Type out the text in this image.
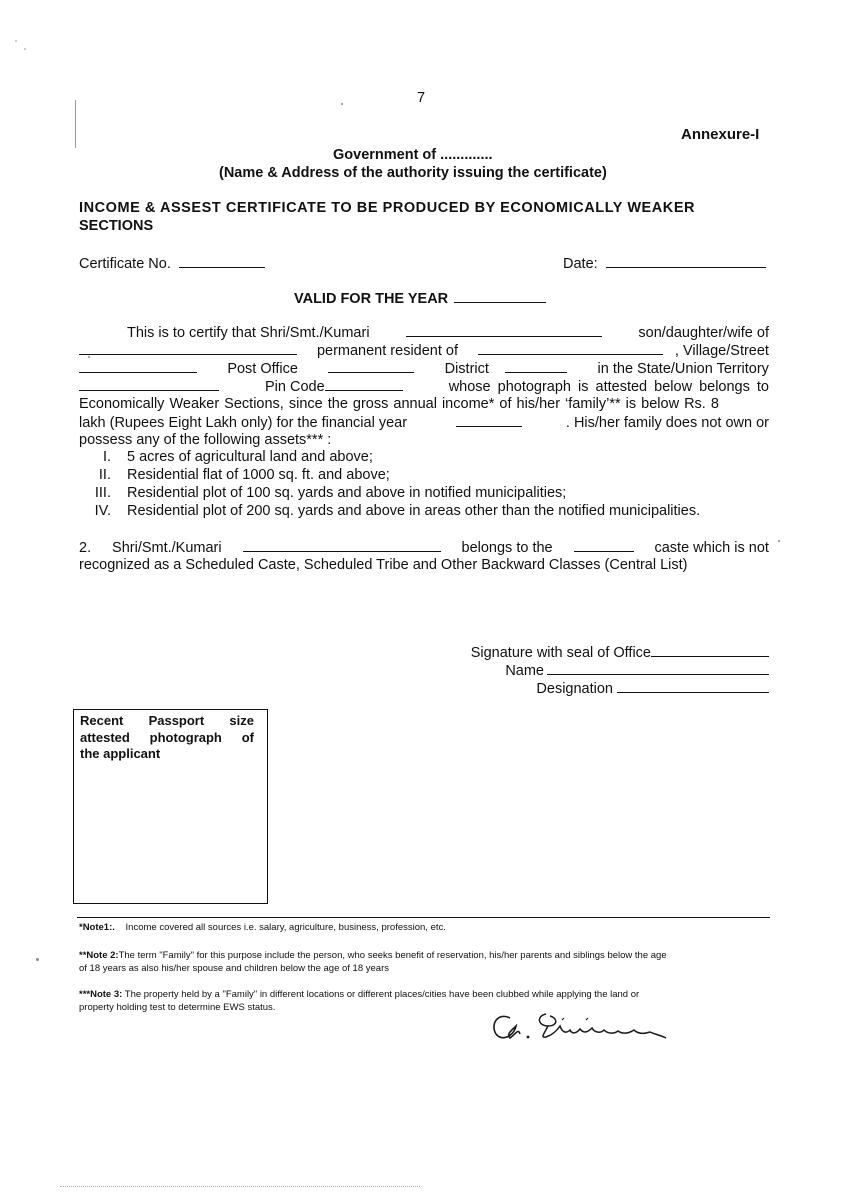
7
Annexure-I
Government of .............
(Name & Address of the authority issuing the certificate)
INCOME & ASSEST CERTIFICATE TO BE PRODUCED BY ECONOMICALLY WEAKER
SECTIONS
Certificate No.	Date:
VALID FOR THE YEAR
This is to certify that Shri/Smt./Kumari	son/daughter/wife of
permanent resident of	, Village/Street
Post Office	District	in the State/Union Territory
Pin Code	whose photograph is attested below belongs to
Economically Weaker Sections, since the gross annual income* of his/her ‘family’** is below Rs. 8
lakh (Rupees Eight Lakh only) for the financial year	. His/her family does not own or
possess any of the following assets*** :
I. 5 acres of agricultural land and above;
II. Residential flat of 1000 sq. ft. and above;
III. Residential plot of 100 sq. yards and above in notified municipalities;
IV. Residential plot of 200 sq. yards and above in areas other than the notified municipalities.
2. Shri/Smt./Kumari	belongs to the	caste which is not
recognized as a Scheduled Caste, Scheduled Tribe and Other Backward Classes (Central List)
Signature with seal of Office
Name
Designation
Recent Passport size
attested photograph of
the applicant
*Note1:. Income covered all sources i.e. salary, agriculture, business, profession, etc.
**Note 2:The term "Family" for this purpose include the person, who seeks benefit of reservation, his/her parents and siblings below the age
of 18 years as also his/her spouse and children below the age of 18 years
***Note 3: The property held by a "Family" in different locations or different places/cities have been clubbed while applying the land or
property holding test to determine EWS status.
